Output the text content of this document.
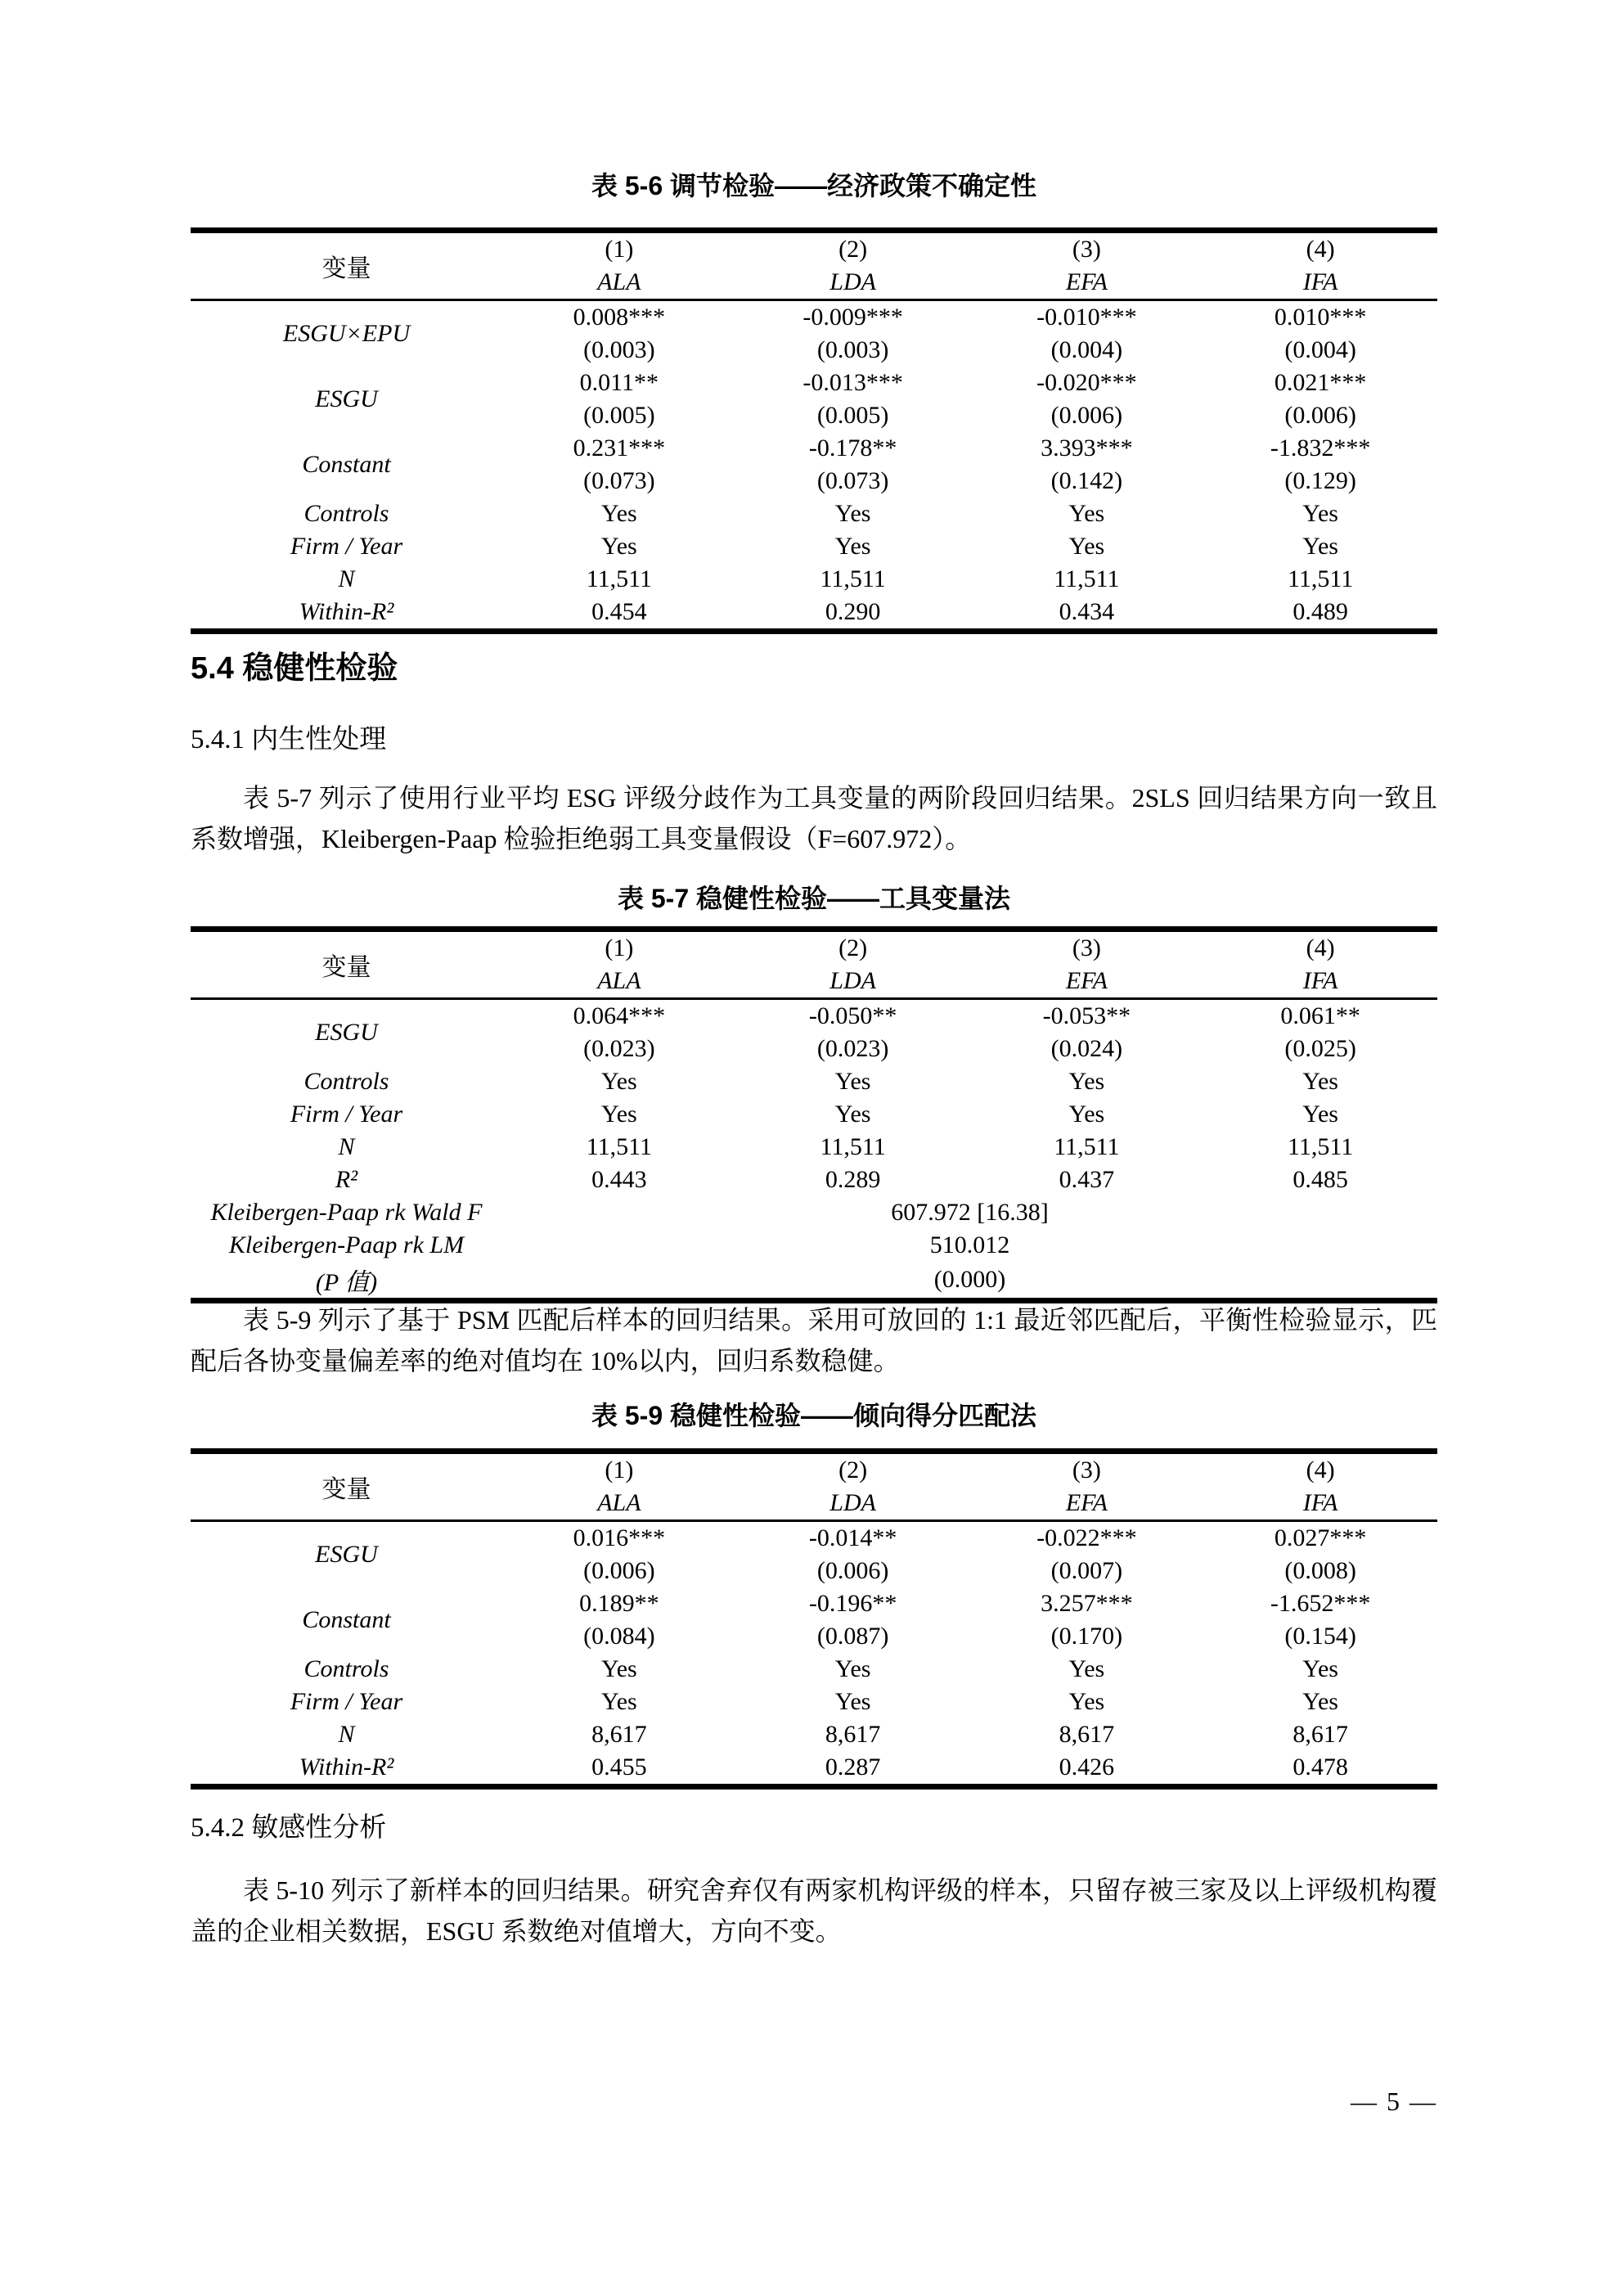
表 5-6 调节检验——经济政策不确定性
变量	(1)	(2)	(3)	(4)
	ALA	LDA	EFA	IFA
ESGU×EPU	0.008***	-0.009***	-0.010***	0.010***
	(0.003)	(0.003)	(0.004)	(0.004)
ESGU	0.011**	-0.013***	-0.020***	0.021***
	(0.005)	(0.005)	(0.006)	(0.006)
Constant	0.231***	-0.178**	3.393***	-1.832***
	(0.073)	(0.073)	(0.142)	(0.129)
Controls	Yes	Yes	Yes	Yes
Firm / Year	Yes	Yes	Yes	Yes
N	11,511	11,511	11,511	11,511
Within-R²	0.454	0.290	0.434	0.489
5.4 稳健性检验
5.4.1 内生性处理
表 5-7 列示了使用行业平均 ESG 评级分歧作为工具变量的两阶段回归结果。2SLS 回归结果方向一致且系数增强，Kleibergen-Paap 检验拒绝弱工具变量假设（F=607.972）。
表 5-7 稳健性检验——工具变量法
变量	(1)	(2)	(3)	(4)
	ALA	LDA	EFA	IFA
ESGU	0.064***	-0.050**	-0.053**	0.061**
	(0.023)	(0.023)	(0.024)	(0.025)
Controls	Yes	Yes	Yes	Yes
Firm / Year	Yes	Yes	Yes	Yes
N	11,511	11,511	11,511	11,511
R²	0.443	0.289	0.437	0.485
Kleibergen-Paap rk Wald F	607.972 [16.38]			
Kleibergen-Paap rk LM	510.012			
(P 值)	(0.000)			
表 5-9 列示了基于 PSM 匹配后样本的回归结果。采用可放回的 1:1 最近邻匹配后，平衡性检验显示，匹配后各协变量偏差率的绝对值均在 10%以内，回归系数稳健。
表 5-9 稳健性检验——倾向得分匹配法
变量	(1)	(2)	(3)	(4)
	ALA	LDA	EFA	IFA
ESGU	0.016***	-0.014**	-0.022***	0.027***
	(0.006)	(0.006)	(0.007)	(0.008)
Constant	0.189**	-0.196**	3.257***	-1.652***
	(0.084)	(0.087)	(0.170)	(0.154)
Controls	Yes	Yes	Yes	Yes
Firm / Year	Yes	Yes	Yes	Yes
N	8,617	8,617	8,617	8,617
Within-R²	0.455	0.287	0.426	0.478
5.4.2 敏感性分析
表 5-10 列示了新样本的回归结果。研究舍弃仅有两家机构评级的样本，只留存被三家及以上评级机构覆盖的企业相关数据，ESGU 系数绝对值增大，方向不变。
— 5 —
